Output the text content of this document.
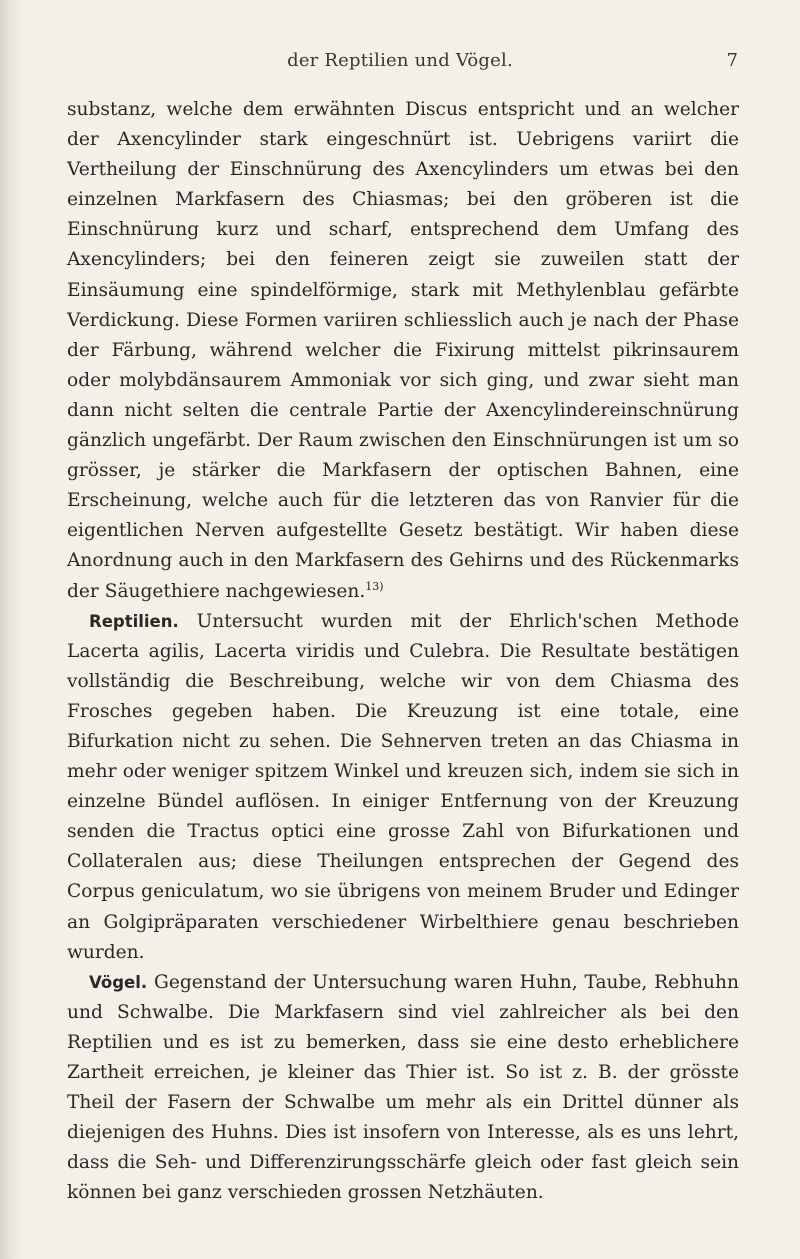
der Reptilien und Vögel.	7

substanz, welche dem erwähnten Discus entspricht und an welcher der Axencylinder stark eingeschnürt ist. Uebrigens variirt die Vertheilung der Einschnürung des Axencylinders um etwas bei den einzelnen Markfasern des Chiasmas; bei den gröberen ist die Einschnürung kurz und scharf, entsprechend dem Umfang des Axencylinders; bei den feineren zeigt sie zuweilen statt der Einsäumung eine spindelförmige, stark mit Methylenblau gefärbte Verdickung. Diese Formen variiren schliesslich auch je nach der Phase der Färbung, während welcher die Fixirung mittelst pikrinsaurem oder molybdänsaurem Ammoniak vor sich ging, und zwar sieht man dann nicht selten die centrale Partie der Axencylindereinschnürung gänzlich ungefärbt. Der Raum zwischen den Einschnürungen ist um so grösser, je stärker die Markfasern der optischen Bahnen, eine Erscheinung, welche auch für die letzteren das von Ranvier für die eigentlichen Nerven aufgestellte Gesetz bestätigt. Wir haben diese Anordnung auch in den Markfasern des Gehirns und des Rückenmarks der Säugethiere nachgewiesen.$^{13)}$

Reptilien. Untersucht wurden mit der Ehrlich'schen Methode Lacerta agilis, Lacerta viridis und Culebra. Die Resultate bestätigen vollständig die Beschreibung, welche wir von dem Chiasma des Frosches gegeben haben. Die Kreuzung ist eine totale, eine Bifurkation nicht zu sehen. Die Sehnerven treten an das Chiasma in mehr oder weniger spitzem Winkel und kreuzen sich, indem sie sich in einzelne Bündel auflösen. In einiger Entfernung von der Kreuzung senden die Tractus optici eine grosse Zahl von Bifurkationen und Collateralen aus; diese Theilungen entsprechen der Gegend des Corpus geniculatum, wo sie übrigens von meinem Bruder und Edinger an Golgipräparaten verschiedener Wirbelthiere genau beschrieben wurden.

Vögel. Gegenstand der Untersuchung waren Huhn, Taube, Rebhuhn und Schwalbe. Die Markfasern sind viel zahlreicher als bei den Reptilien und es ist zu bemerken, dass sie eine desto erheblichere Zartheit erreichen, je kleiner das Thier ist. So ist z. B. der grösste Theil der Fasern der Schwalbe um mehr als ein Drittel dünner als diejenigen des Huhns. Dies ist insofern von Interesse, als es uns lehrt, dass die Seh- und Differenzirungsschärfe gleich oder fast gleich sein können bei ganz verschieden grossen Netzhäuten.
